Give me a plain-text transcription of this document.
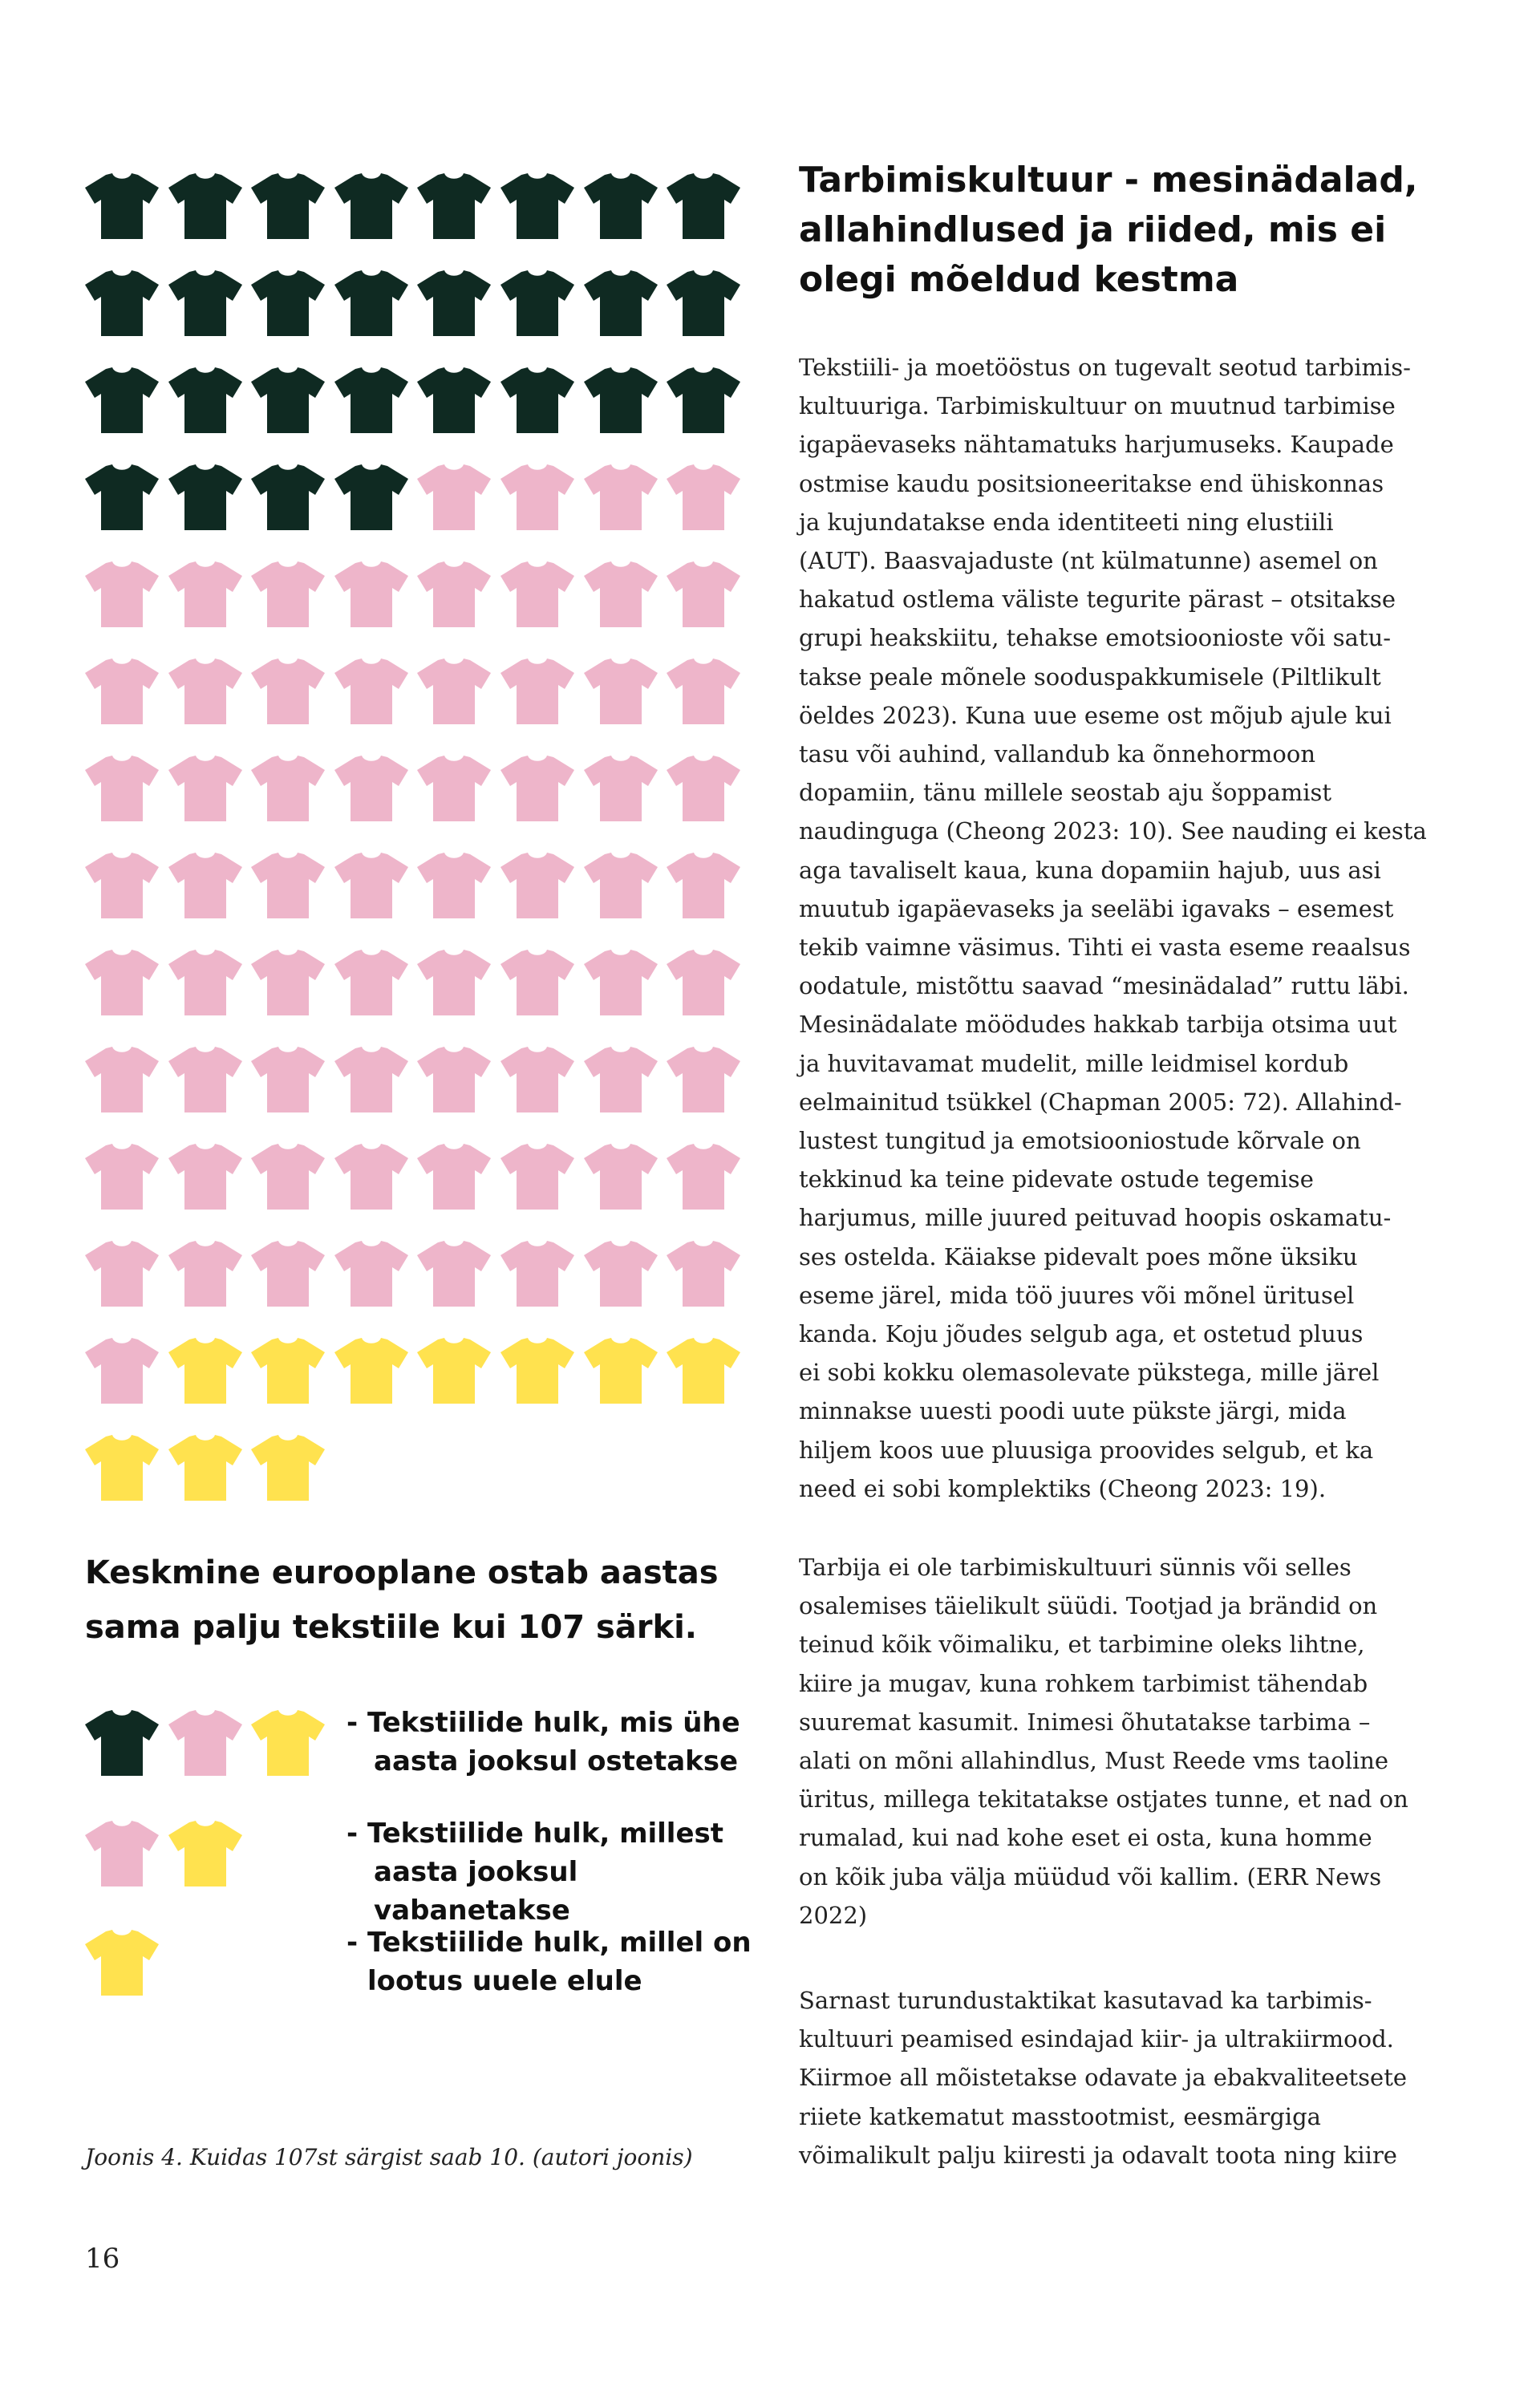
Keskmine eurooplane ostab aastas
sama palju tekstiile kui 107 särki.
- Tekstiilide hulk, mis ühe
aasta jooksul ostetakse
- Tekstiilide hulk, millest
aasta jooksul vabanetakse
- Tekstiilide hulk, millel on
lootus uuele elule
Joonis 4. Kuidas 107st särgist saab 10. (autori joonis)
16
Tarbimiskultuur - mesinädalad,
allahindlused ja riided, mis ei
olegi mõeldud kestma
Tekstiili- ja moetööstus on tugevalt seotud tarbimis-
kultuuriga. Tarbimiskultuur on muutnud tarbimise
igapäevaseks nähtamatuks harjumuseks. Kaupade
ostmise kaudu positsioneeritakse end ühiskonnas
ja kujundatakse enda identiteeti ning elustiili
(AUT). Baasvajaduste (nt külmatunne) asemel on
hakatud ostlema väliste tegurite pärast – otsitakse
grupi heakskiitu, tehakse emotsioonioste või satu-
takse peale mõnele sooduspakkumisele (Piltlikult
öeldes 2023). Kuna uue eseme ost mõjub ajule kui
tasu või auhind, vallandub ka õnnehormoon
dopamiin, tänu millele seostab aju šoppamist
naudinguga (Cheong 2023: 10). See nauding ei kesta
aga tavaliselt kaua, kuna dopamiin hajub, uus asi
muutub igapäevaseks ja seeläbi igavaks – esemest
tekib vaimne väsimus. Tihti ei vasta eseme reaalsus
oodatule, mistõttu saavad “mesinädalad” ruttu läbi.
Mesinädalate möödudes hakkab tarbija otsima uut
ja huvitavamat mudelit, mille leidmisel kordub
eelmainitud tsükkel (Chapman 2005: 72). Allahind-
lustest tungitud ja emotsiooniostude kõrvale on
tekkinud ka teine pidevate ostude tegemise
harjumus, mille juured peituvad hoopis oskamatu-
ses ostelda. Käiakse pidevalt poes mõne üksiku
eseme järel, mida töö juures või mõnel üritusel
kanda. Koju jõudes selgub aga, et ostetud pluus
ei sobi kokku olemasolevate pükstega, mille järel
minnakse uuesti poodi uute pükste järgi, mida
hiljem koos uue pluusiga proovides selgub, et ka
need ei sobi komplektiks (Cheong 2023: 19).
Tarbija ei ole tarbimiskultuuri sünnis või selles
osalemises täielikult süüdi. Tootjad ja brändid on
teinud kõik võimaliku, et tarbimine oleks lihtne,
kiire ja mugav, kuna rohkem tarbimist tähendab
suuremat kasumit. Inimesi õhutatakse tarbima –
alati on mõni allahindlus, Must Reede vms taoline
üritus, millega tekitatakse ostjates tunne, et nad on
rumalad, kui nad kohe eset ei osta, kuna homme
on kõik juba välja müüdud või kallim. (ERR News
2022)
Sarnast turundustaktikat kasutavad ka tarbimis-
kultuuri peamised esindajad kiir- ja ultrakiirmood.
Kiirmoe all mõistetakse odavate ja ebakvaliteetsete
riiete katkematut masstootmist, eesmärgiga
võimalikult palju kiiresti ja odavalt toota ning kiire
